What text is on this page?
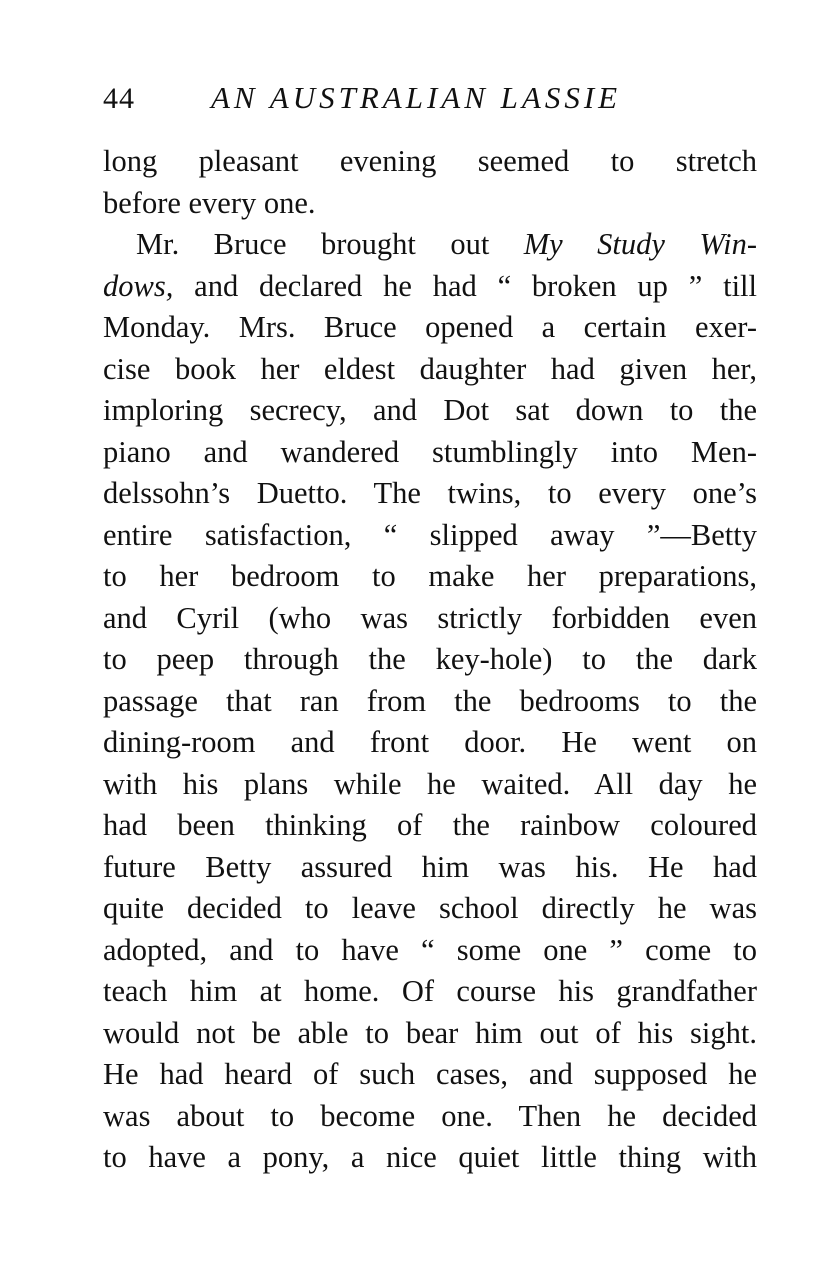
44 AN AUSTRALIAN LASSIE
long pleasant evening seemed to stretch
before every one.
Mr. Bruce brought out My Study Win-
dows, and declared he had “ broken up ” till
Monday. Mrs. Bruce opened a certain exer-
cise book her eldest daughter had given her,
imploring secrecy, and Dot sat down to the
piano and wandered stumblingly into Men-
delssohn’s Duetto. The twins, to every one’s
entire satisfaction, “ slipped away ”—Betty
to her bedroom to make her preparations,
and Cyril (who was strictly forbidden even
to peep through the key-hole) to the dark
passage that ran from the bedrooms to the
dining-room and front door. He went on
with his plans while he waited. All day he
had been thinking of the rainbow coloured
future Betty assured him was his. He had
quite decided to leave school directly he was
adopted, and to have “ some one ” come to
teach him at home. Of course his grandfather
would not be able to bear him out of his sight.
He had heard of such cases, and supposed he
was about to become one. Then he decided
to have a pony, a nice quiet little thing with
